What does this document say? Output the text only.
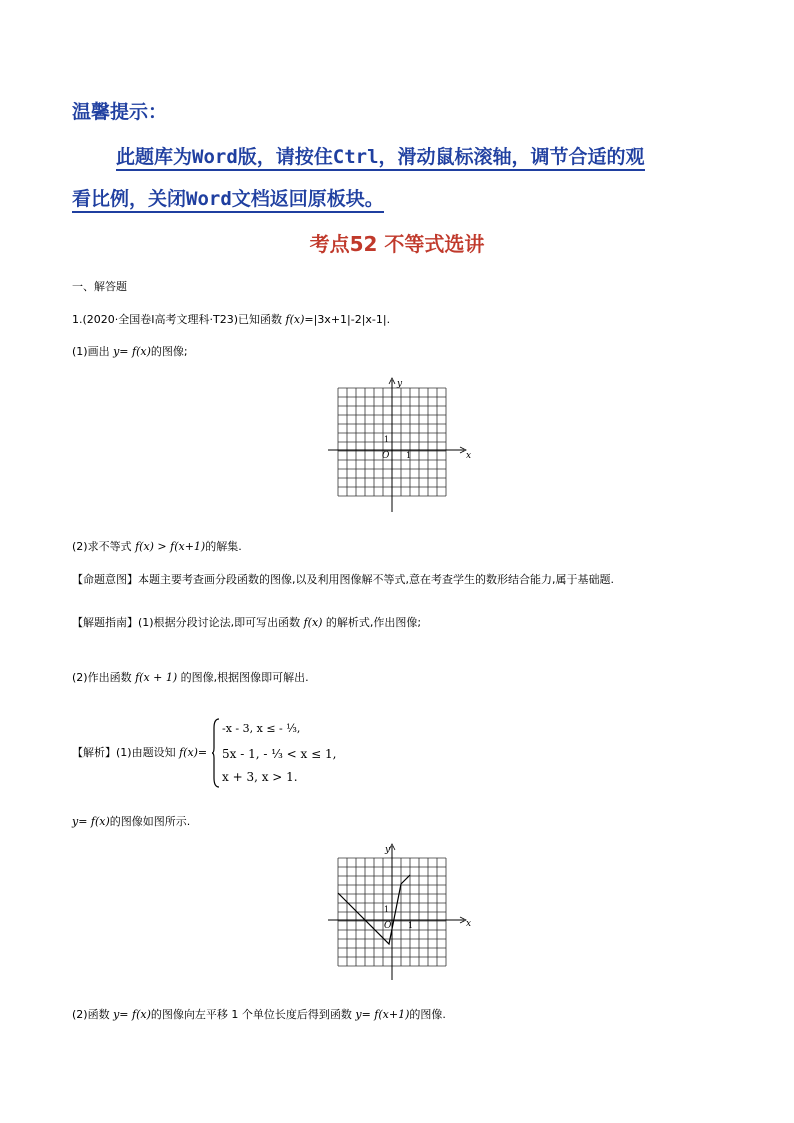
温馨提示：
此题库为Word版，请按住Ctrl，滑动鼠标滚轴，调节合适的观
看比例，关闭Word文档返回原板块。
考点52 不等式选讲
一、解答题
1.(2020·全国卷Ⅰ高考文理科·T23)已知函数 f(x)=|3x+1|-2|x-1|.
(1)画出 y= f(x)的图像;
y
x
O 1
1
(2)求不等式 f(x) > f(x+1)的解集.
【命题意图】本题主要考查画分段函数的图像,以及利用图像解不等式,意在考查学生的数形结合能力,属于基础题.
【解题指南】(1)根据分段讨论法,即可写出函数 f(x) 的解析式,作出图像;
(2)作出函数 f(x + 1) 的图像,根据图像即可解出.
【解析】(1)由题设知 f(x)=
-x - 3, x ≤ - ⅓,
5x - 1, - ⅓ < x ≤ 1,
x + 3, x > 1.
y= f(x)的图像如图所示.
y
x
O 1
1
(2)函数 y= f(x)的图像向左平移 1 个单位长度后得到函数 y= f(x+1)的图像.
